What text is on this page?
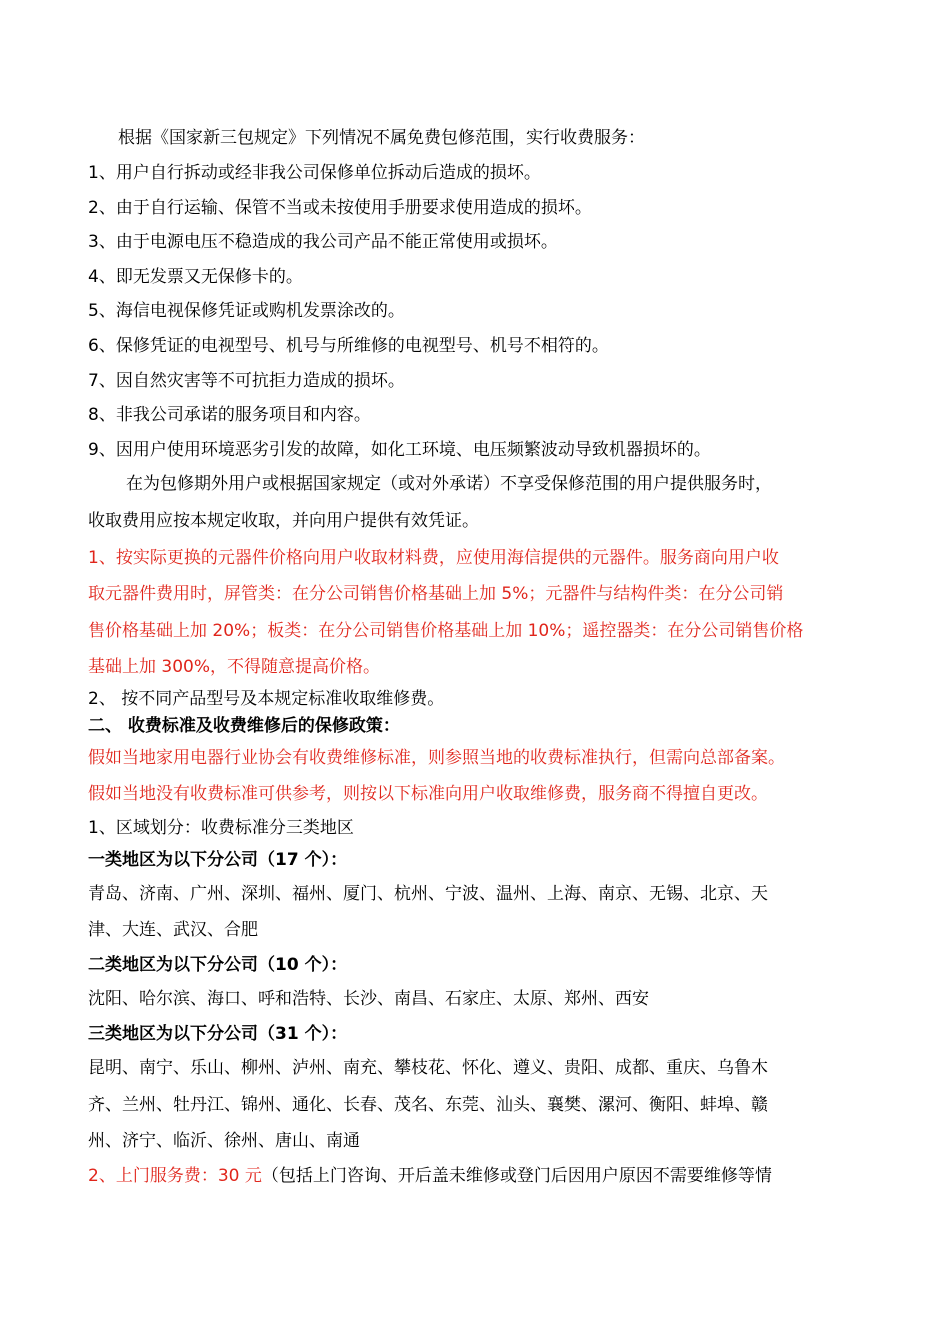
根据《国家新三包规定》下列情况不属免费包修范围，实行收费服务：
1、用户自行拆动或经非我公司保修单位拆动后造成的损坏。
2、由于自行运输、保管不当或未按使用手册要求使用造成的损坏。
3、由于电源电压不稳造成的我公司产品不能正常使用或损坏。
4、即无发票又无保修卡的。
5、海信电视保修凭证或购机发票涂改的。
6、保修凭证的电视型号、机号与所维修的电视型号、机号不相符的。
7、因自然灾害等不可抗拒力造成的损坏。
8、非我公司承诺的服务项目和内容。
9、因用户使用环境恶劣引发的故障，如化工环境、电压频繁波动导致机器损坏的。
在为包修期外用户或根据国家规定（或对外承诺）不享受保修范围的用户提供服务时，
收取费用应按本规定收取，并向用户提供有效凭证。
1、按实际更换的元器件价格向用户收取材料费，应使用海信提供的元器件。服务商向用户收
取元器件费用时，屏管类：在分公司销售价格基础上加 5%；元器件与结构件类：在分公司销
售价格基础上加 20%；板类：在分公司销售价格基础上加 10%；遥控器类：在分公司销售价格
基础上加 300%，不得随意提高价格。
2、 按不同产品型号及本规定标准收取维修费。
二、 收费标准及收费维修后的保修政策：
假如当地家用电器行业协会有收费维修标准，则参照当地的收费标准执行，但需向总部备案。
假如当地没有收费标准可供参考，则按以下标准向用户收取维修费，服务商不得擅自更改。
1、区域划分：收费标准分三类地区
一类地区为以下分公司（17 个）：
青岛、济南、广州、深圳、福州、厦门、杭州、宁波、温州、上海、南京、无锡、北京、天
津、大连、武汉、合肥
二类地区为以下分公司（10 个）：
沈阳、哈尔滨、海口、呼和浩特、长沙、南昌、石家庄、太原、郑州、西安
三类地区为以下分公司（31 个）：
昆明、南宁、乐山、柳州、泸州、南充、攀枝花、怀化、遵义、贵阳、成都、重庆、乌鲁木
齐、兰州、牡丹江、锦州、通化、长春、茂名、东莞、汕头、襄樊、漯河、衡阳、蚌埠、赣
州、济宁、临沂、徐州、唐山、南通
2、上门服务费：30 元（包括上门咨询、开后盖未维修或登门后因用户原因不需要维修等情
